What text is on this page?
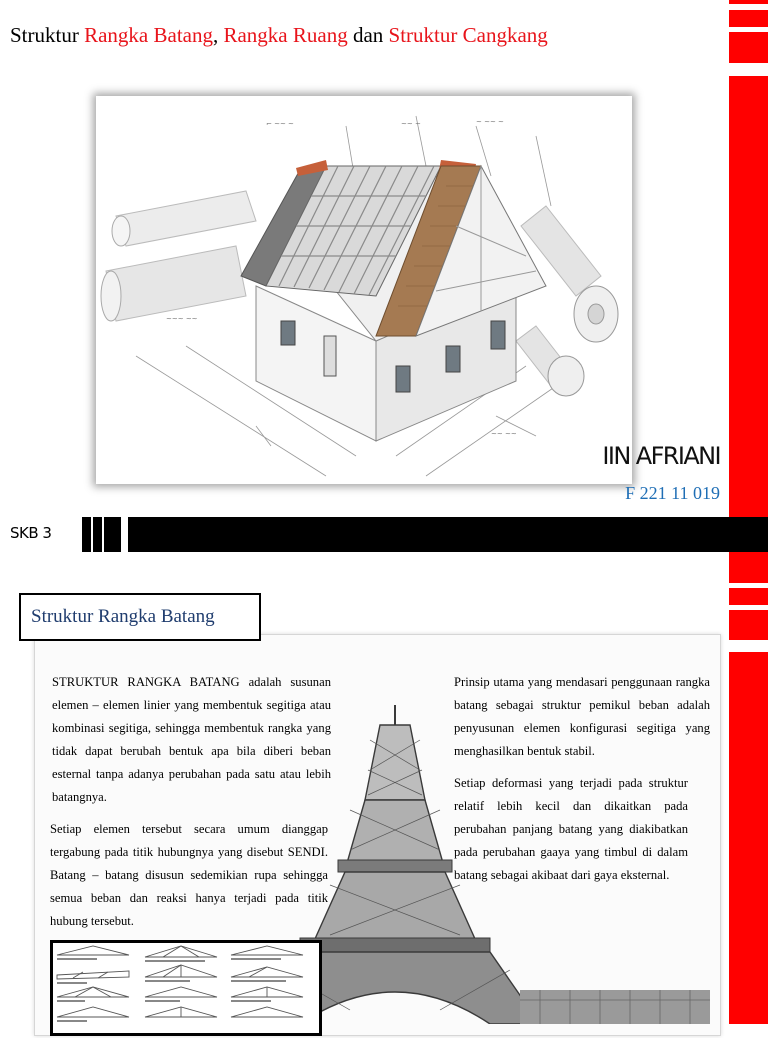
Struktur Rangka Batang, Rangka Ruang dan Struktur Cangkang
⌐ ~~ ~	~~ ~	~ ~~ ~
~~~ ~~
~~ ~~
IIN AFRIANI
F 221 11 019
SKB 3
Struktur Rangka Batang

STRUKTUR RANGKA BATANG adalah susunan elemen – elemen linier yang membentuk segitiga atau kombinasi segitiga, sehingga membentuk rangka yang tidak dapat berubah bentuk apa bila diberi beban esternal tanpa adanya perubahan pada satu atau lebih batangnya.

Setiap elemen tersebut secara umum dianggap tergabung pada titik hubungnya yang disebut SENDI. Batang – batang disusun sedemikian rupa sehingga semua beban dan reaksi hanya terjadi pada titik hubung tersebut.

Prinsip utama yang mendasari penggunaan rangka batang sebagai struktur pemikul beban adalah penyusunan elemen konfigurasi segitiga yang menghasilkan bentuk stabil.

Setiap deformasi yang terjadi pada struktur relatif lebih kecil dan dikaitkan pada perubahan panjang batang yang diakibatkan pada perubahan gaaya yang timbul di dalam batang sebagai akibaat dari gaya eksternal.
